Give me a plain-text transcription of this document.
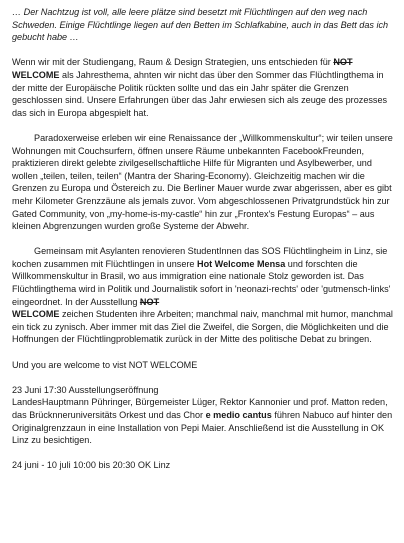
… Der Nachtzug ist voll, alle leere plätze sind besetzt mit Flüchtlingen auf den weg nach Schweden. Einige Flüchtlinge liegen auf den Betten im Schlafkabine, auch in das Bett das ich gebucht habe …

Wenn wir mit der Studiengang, Raum & Design Strategien, uns entschieden für NOT WELCOME als Jahresthema, ahnten wir nicht das über den Sommer das Flüchtlingthema in der mitte der Europäische Politik rückten sollte und das ein Jahr später die Grenzen geschlossen sind. Unsere Erfahrungen über das Jahr erwiesen sich als zeuge des prozesses das sich in Europa abgespielt hat.

Paradoxerweise erleben wir eine Renaissance der „Willkommenskultur“; wir teilen unsere Wohnungen mit Couchsurfern, öffnen unsere Räume unbekannten FacebookFreunden, praktizieren direkt gelebte zivilgesellschaftliche Hilfe für Migranten und Asylbewerber, und wollen „teilen, teilen, teilen“ (Mantra der Sharing-Economy). Gleichzeitig machen wir die Grenzen zu Europa und Östereich zu. Die Berliner Mauer wurde zwar abgerissen, aber es gibt mehr Kilometer Grenzzäune als jemals zuvor. Vom abgeschlossenen Privatgrundstück hin zur Gated Community, von „my-home-is-my-castle“ hin zur „Frontex's Festung Europas“ – aus kleinen Abgrenzungen wurden große Systeme der Abwehr.

Gemeinsam mit Asylanten renovieren StudentInnen das SOS Flüchtlingheim in Linz, sie kochen zusammen mit Flüchtlingen in unsere Hot Welcome Mensa und forschten die Willkommenskultur in Brasil, wo aus immigration eine nationale Stolz geworden ist. Das Flüchtlingthema wird in Politik und Journalistik sofort in 'neonazi-rechts' oder 'gutmensch-links' eingeordnet. In der Ausstellung NOT
WELCOME zeichen Studenten ihre Arbeiten; manchmal naiv, manchmal mit humor, manchmal ein tick zu zynisch. Aber immer mit das Ziel die Zweifel, die Sorgen, die Möglichkeiten und die Hoffnungen der Flüchtlingproblematik zurück in der Mitte des politische Debat zu bringen.

Und you are welcome to vist NOT WELCOME

23 Juni 17:30 Ausstellungseröffnung

LandesHauptmann Pühringer, Bürgemeister Lüger, Rektor Kannonier und prof. Matton reden, das Brücknneruniversitäts Orkest und das Chor e medio cantus führen Nabuco auf hinter den Originalgrenzzaun in eine Installation von Pepi Maier. Anschließend ist die Ausstellung in OK Linz zu besichtigen.

24 juni - 10 juli 10:00 bis 20:30 OK Linz
